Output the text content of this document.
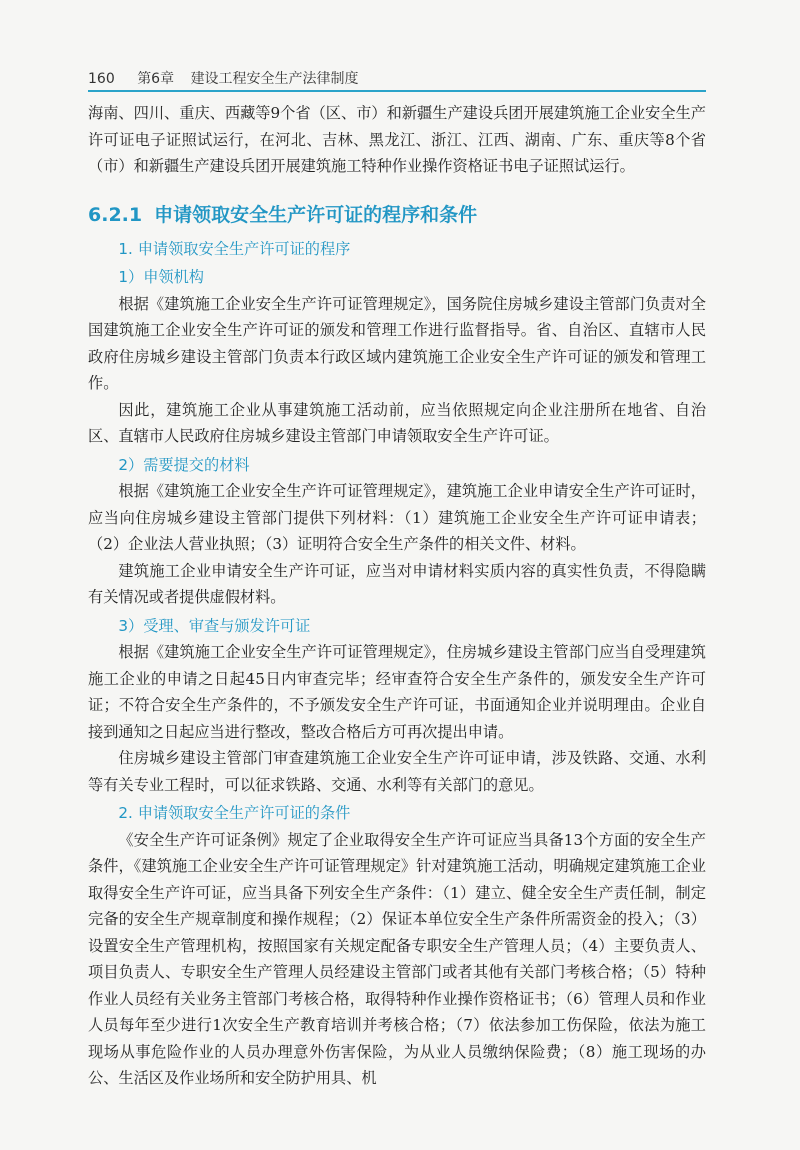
160 第6章 建设工程安全生产法律制度

海南、四川、重庆、西藏等9个省（区、市）和新疆生产建设兵团开展建筑施工企业安全生产许可证电子证照试运行，在河北、吉林、黑龙江、浙江、江西、湖南、广东、重庆等8个省（市）和新疆生产建设兵团开展建筑施工特种作业操作资格证书电子证照试运行。

6.2.1 申请领取安全生产许可证的程序和条件
1. 申请领取安全生产许可证的程序
1）申领机构

根据《建筑施工企业安全生产许可证管理规定》，国务院住房城乡建设主管部门负责对全国建筑施工企业安全生产许可证的颁发和管理工作进行监督指导。省、自治区、直辖市人民政府住房城乡建设主管部门负责本行政区域内建筑施工企业安全生产许可证的颁发和管理工作。

因此，建筑施工企业从事建筑施工活动前，应当依照规定向企业注册所在地省、自治区、直辖市人民政府住房城乡建设主管部门申请领取安全生产许可证。

2）需要提交的材料

根据《建筑施工企业安全生产许可证管理规定》，建筑施工企业申请安全生产许可证时，应当向住房城乡建设主管部门提供下列材料：（1）建筑施工企业安全生产许可证申请表；（2）企业法人营业执照；（3）证明符合安全生产条件的相关文件、材料。

建筑施工企业申请安全生产许可证，应当对申请材料实质内容的真实性负责，不得隐瞒有关情况或者提供虚假材料。

3）受理、审查与颁发许可证

根据《建筑施工企业安全生产许可证管理规定》，住房城乡建设主管部门应当自受理建筑施工企业的申请之日起45日内审查完毕；经审查符合安全生产条件的，颁发安全生产许可证；不符合安全生产条件的，不予颁发安全生产许可证，书面通知企业并说明理由。企业自接到通知之日起应当进行整改，整改合格后方可再次提出申请。

住房城乡建设主管部门审查建筑施工企业安全生产许可证申请，涉及铁路、交通、水利等有关专业工程时，可以征求铁路、交通、水利等有关部门的意见。

2. 申请领取安全生产许可证的条件

《安全生产许可证条例》规定了企业取得安全生产许可证应当具备13个方面的安全生产条件，《建筑施工企业安全生产许可证管理规定》针对建筑施工活动，明确规定建筑施工企业取得安全生产许可证，应当具备下列安全生产条件：（1）建立、健全安全生产责任制，制定完备的安全生产规章制度和操作规程；（2）保证本单位安全生产条件所需资金的投入；（3）设置安全生产管理机构，按照国家有关规定配备专职安全生产管理人员；（4）主要负责人、项目负责人、专职安全生产管理人员经建设主管部门或者其他有关部门考核合格；（5）特种作业人员经有关业务主管部门考核合格，取得特种作业操作资格证书；（6）管理人员和作业人员每年至少进行1次安全生产教育培训并考核合格；（7）依法参加工伤保险，依法为施工现场从事危险作业的人员办理意外伤害保险，为从业人员缴纳保险费；（8）施工现场的办公、生活区及作业场所和安全防护用具、机
